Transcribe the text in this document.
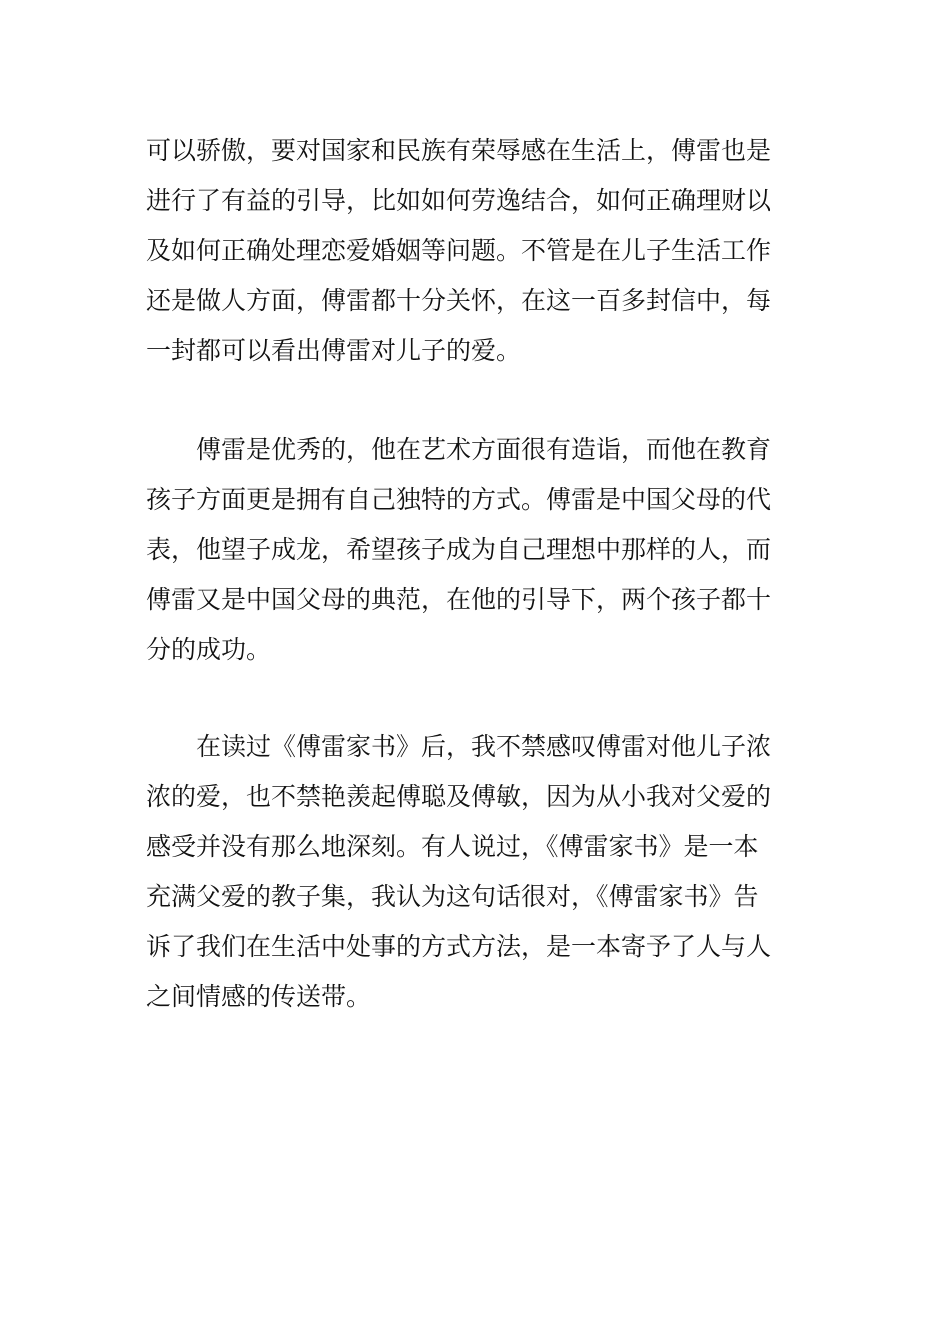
可以骄傲，要对国家和民族有荣辱感在生活上，傅雷也是
进行了有益的引导，比如如何劳逸结合，如何正确理财以
及如何正确处理恋爱婚姻等问题。不管是在儿子生活工作
还是做人方面，傅雷都十分关怀，在这一百多封信中，每
一封都可以看出傅雷对儿子的爱。
　　傅雷是优秀的，他在艺术方面很有造诣，而他在教育
孩子方面更是拥有自己独特的方式。傅雷是中国父母的代
表，他望子成龙，希望孩子成为自己理想中那样的人，而
傅雷又是中国父母的典范，在他的引导下，两个孩子都十
分的成功。
　　在读过《傅雷家书》后，我不禁感叹傅雷对他儿子浓
浓的爱，也不禁艳羡起傅聪及傅敏，因为从小我对父爱的
感受并没有那么地深刻。有人说过，《傅雷家书》是一本
充满父爱的教子集，我认为这句话很对，《傅雷家书》告
诉了我们在生活中处事的方式方法，是一本寄予了人与人
之间情感的传送带。
